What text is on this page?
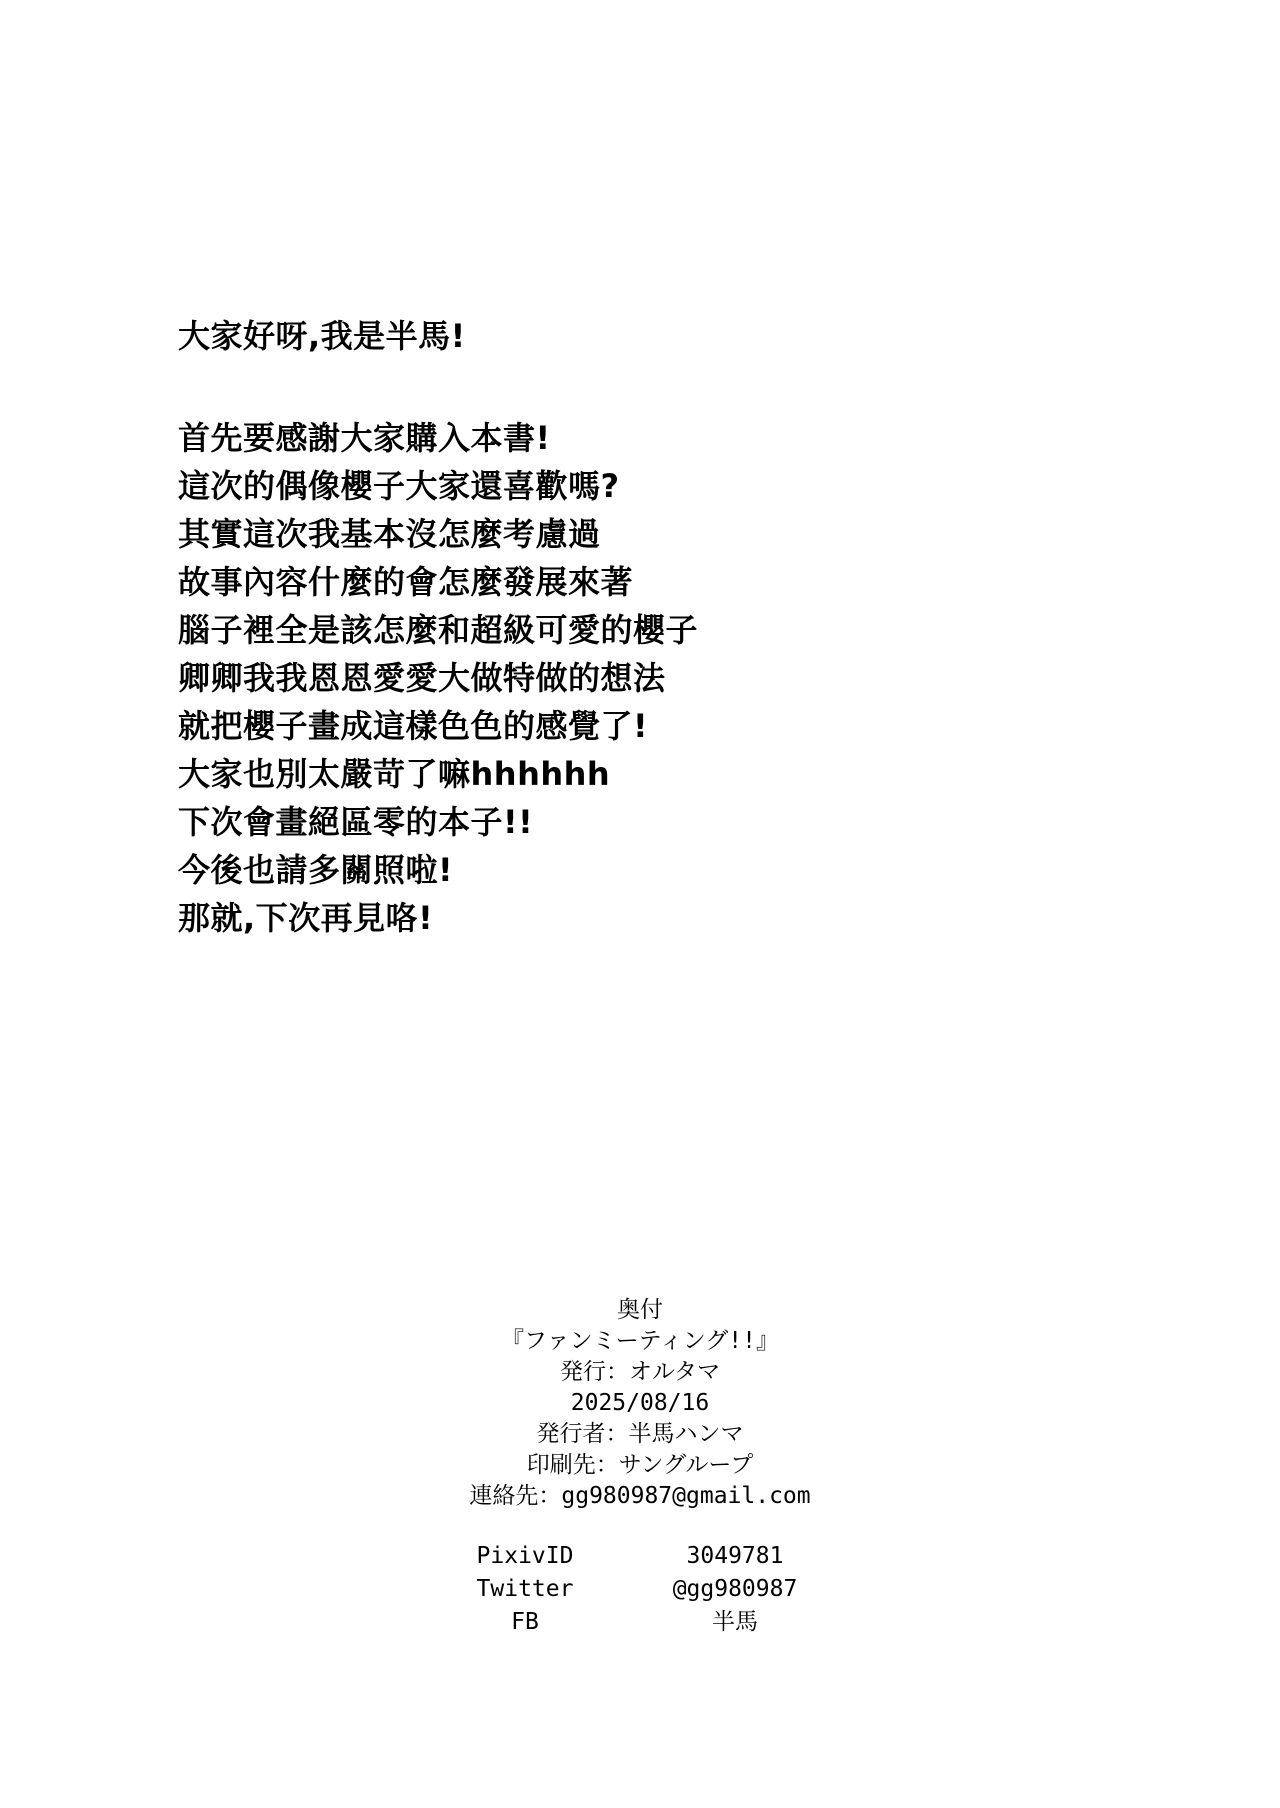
大家好呀,我是半馬!

首先要感謝大家購入本書!

這次的偶像櫻子大家還喜歡嗎?

其實這次我基本沒怎麼考慮過

故事內容什麼的會怎麼發展來著

腦子裡全是該怎麼和超級可愛的櫻子

卿卿我我恩恩愛愛大做特做的想法

就把櫻子畫成這樣色色的感覺了!

大家也別太嚴苛了嘛hhhhhh

下次會畫絕區零的本子!!

今後也請多關照啦!

那就,下次再見咯!

奥付

『ファンミーティング!!』

発行：オルタマ

2025/08/16

発行者：半馬ハンマ

印刷先：サングループ

連絡先：gg980987@gmail.com

PixivID	3049781
Twitter	@gg980987
FB	半馬
